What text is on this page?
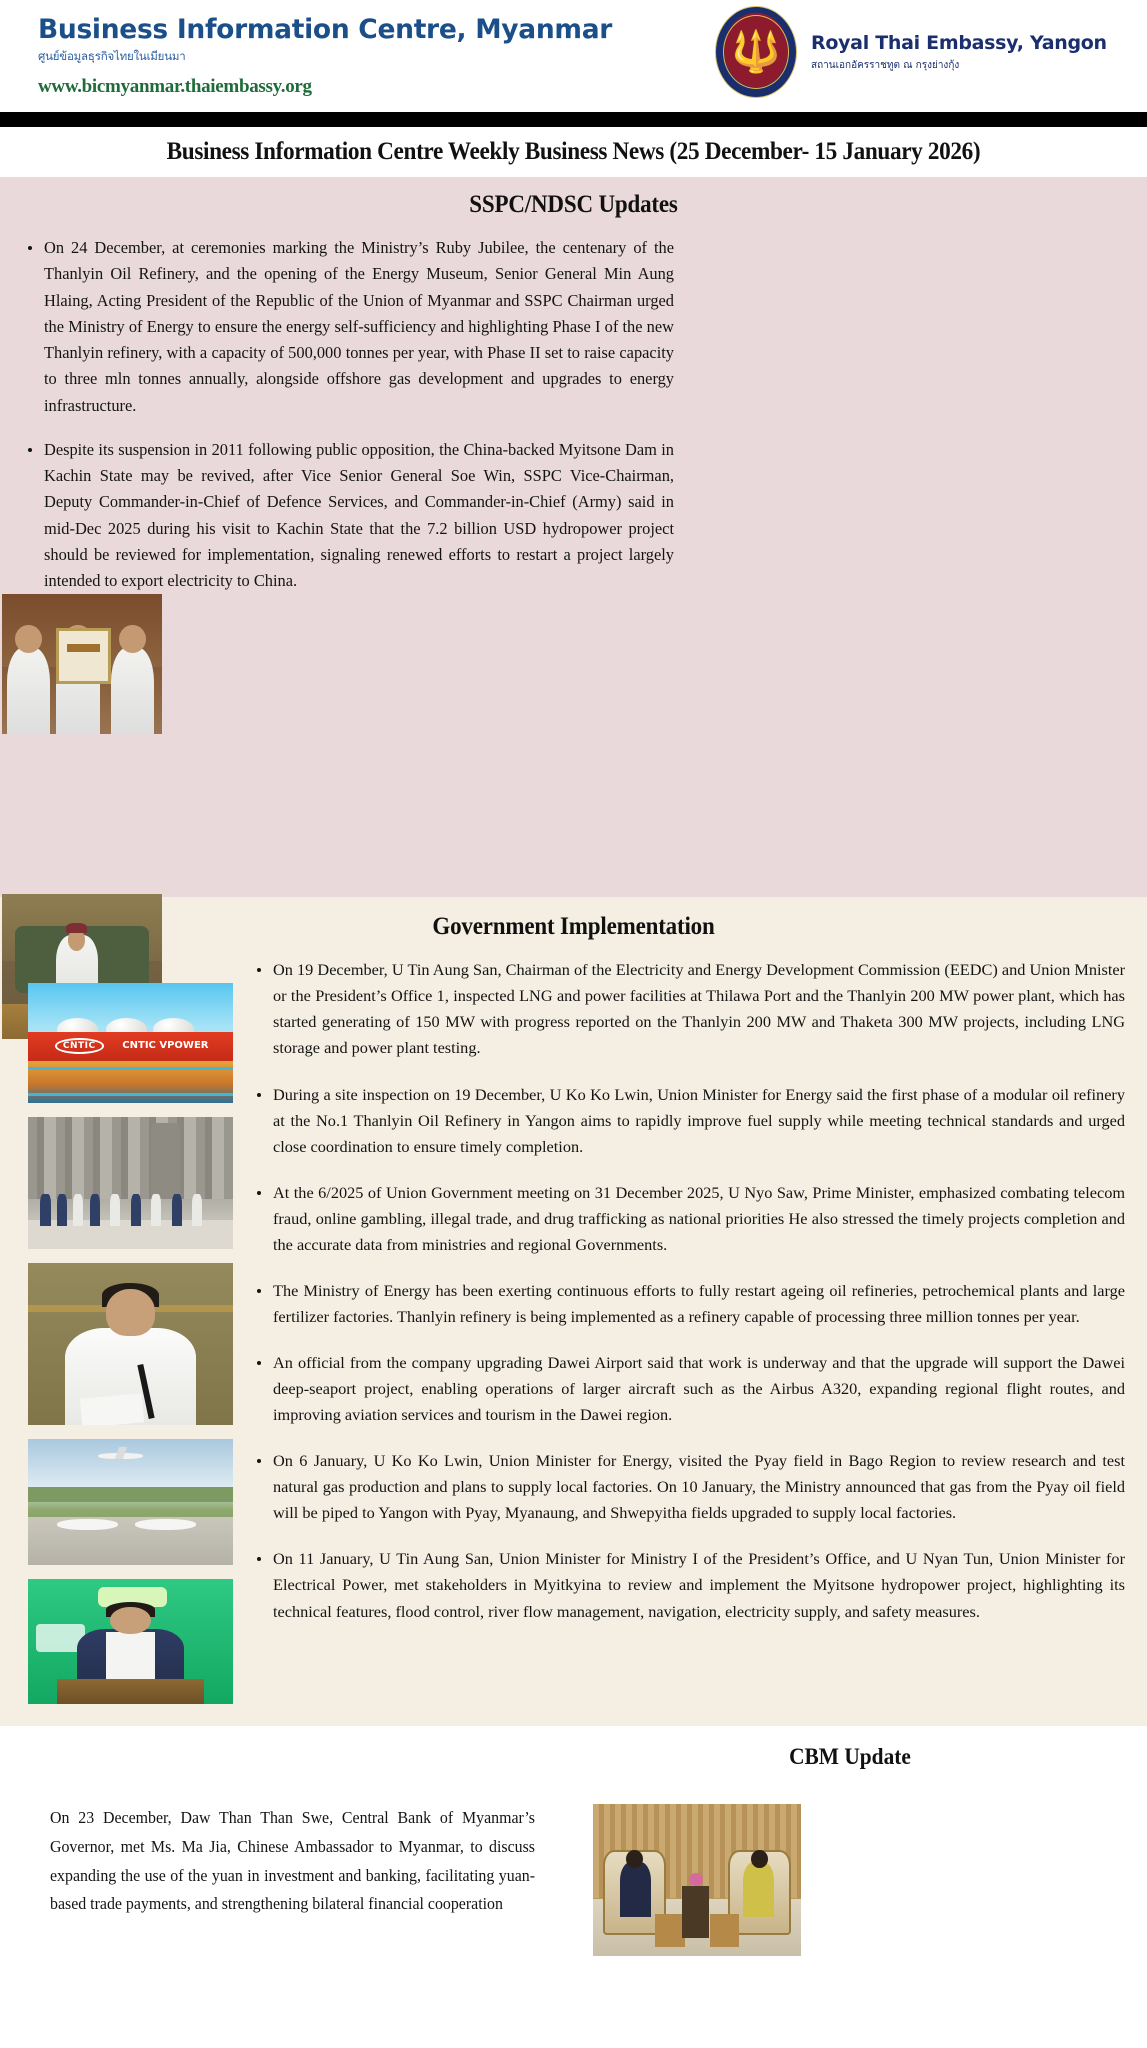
Business Information Centre, Myanmar
ศูนย์ข้อมูลธุรกิจไทยในเมียนมา
www.bicmyanmar.thaiembassy.org
🔱 Royal Thai Embassy, Yangon
สถานเอกอัครราชทูต ณ กรุงย่างกุ้ง
Business Information Centre Weekly Business News (25 December- 15 January 2026)
SSPC/NDSC Updates
On 24 December, at ceremonies marking the Ministry’s Ruby Jubilee, the centenary of the Thanlyin Oil Refinery, and the opening of the Energy Museum, Senior General Min Aung Hlaing, Acting President of the Republic of the Union of Myanmar and SSPC Chairman urged the Ministry of Energy to ensure the energy self-sufficiency and highlighting Phase I of the new Thanlyin refinery, with a capacity of 500,000 tonnes per year, with Phase II set to raise capacity to three mln tonnes annually, alongside offshore gas development and upgrades to energy infrastructure.
Despite its suspension in 2011 following public opposition, the China-backed Myitsone Dam in Kachin State may be revived, after Vice Senior General Soe Win, SSPC Vice-Chairman, Deputy Commander-in-Chief of Defence Services, and Commander-in-Chief (Army) said in mid-Dec 2025 during his visit to Kachin State that the 7.2 billion USD hydropower project should be reviewed for implementation, signaling renewed efforts to restart a project largely intended to export electricity to China.
Government Implementation
CNTIC	CNTIC VPOWER
On 19 December, U Tin Aung San, Chairman of the Electricity and Energy Development Commission (EEDC) and Union Mnister or the President’s Office 1, inspected LNG and power facilities at Thilawa Port and the Thanlyin 200 MW power plant, which has started generating of 150 MW with progress reported on the Thanlyin 200 MW and Thaketa 300 MW projects, including LNG storage and power plant testing.
During a site inspection on 19 December, U Ko Ko Lwin, Union Minister for Energy said the first phase of a modular oil refinery at the No.1 Thanlyin Oil Refinery in Yangon aims to rapidly improve fuel supply while meeting technical standards and urged close coordination to ensure timely completion.
At the 6/2025 of Union Government meeting on 31 December 2025, U Nyo Saw, Prime Minister, emphasized combating telecom fraud, online gambling, illegal trade, and drug trafficking as national priorities He also stressed the timely projects completion and the accurate data from ministries and regional Governments.
The Ministry of Energy has been exerting continuous efforts to fully restart ageing oil refineries, petrochemical plants and large fertilizer factories. Thanlyin refinery is being implemented as a refinery capable of processing three million tonnes per year.
An official from the company upgrading Dawei Airport said that work is underway and that the upgrade will support the Dawei deep-seaport project, enabling operations of larger aircraft such as the Airbus A320, expanding regional flight routes, and improving aviation services and tourism in the Dawei region.
On 6 January, U Ko Ko Lwin, Union Minister for Energy, visited the Pyay field in Bago Region to review research and test natural gas production and plans to supply local factories. On 10 January, the Ministry announced that gas from the Pyay oil field will be piped to Yangon with Pyay, Myanaung, and Shwepyitha fields upgraded to supply local factories.
On 11 January, U Tin Aung San, Union Minister for Ministry I of the President’s Office, and U Nyan Tun, Union Minister for Electrical Power, met stakeholders in Myitkyina to review and implement the Myitsone hydropower project, highlighting its technical features, flood control, river flow management, navigation, electricity supply, and safety measures.
CBM Update
On 23 December, Daw Than Than Swe, Central Bank of Myanmar’s Governor, met Ms. Ma Jia, Chinese Ambassador to Myanmar, to discuss expanding the use of the yuan in investment and banking, facilitating yuan-based trade payments, and strengthening bilateral financial cooperation
